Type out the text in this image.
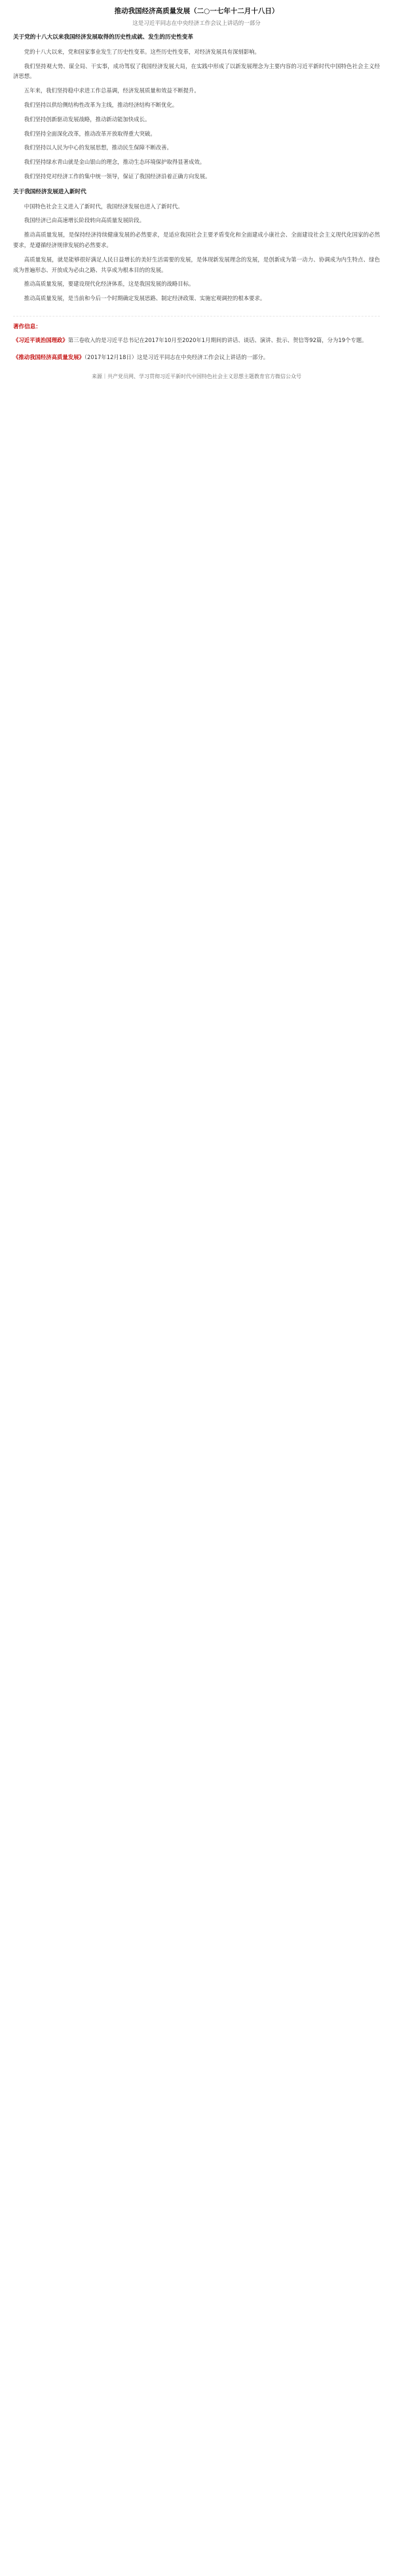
推动我国经济高质量发展（二○一七年十二月十八日）
这是习近平同志在中央经济工作会议上讲话的一部分
关于党的十八大以来我国经济发展取得的历史性成就、发生的历史性变革

党的十八大以来，党和国家事业发生了历史性变革。这些历史性变革，对经济发展具有深刻影响。

我们坚持观大势、谋全局、干实事，成功驾驭了我国经济发展大局，在实践中形成了以新发展理念为主要内容的习近平新时代中国特色社会主义经济思想。

五年来，我们坚持稳中求进工作总基调，经济发展质量和效益不断提升。

我们坚持以供给侧结构性改革为主线，推动经济结构不断优化。

我们坚持创新驱动发展战略，推动新动能加快成长。

我们坚持全面深化改革，推动改革开放取得重大突破。

我们坚持以人民为中心的发展思想，推动民生保障不断改善。

我们坚持绿水青山就是金山银山的理念，推动生态环境保护取得显著成效。

我们坚持党对经济工作的集中统一领导，保证了我国经济沿着正确方向发展。

关于我国经济发展进入新时代

中国特色社会主义进入了新时代，我国经济发展也进入了新时代。

我国经济已由高速增长阶段转向高质量发展阶段。

推动高质量发展，是保持经济持续健康发展的必然要求，是适应我国社会主要矛盾变化和全面建成小康社会、全面建设社会主义现代化国家的必然要求，是遵循经济规律发展的必然要求。

高质量发展，就是能够很好满足人民日益增长的美好生活需要的发展，是体现新发展理念的发展，是创新成为第一动力、协调成为内生特点、绿色成为普遍形态、开放成为必由之路、共享成为根本目的的发展。

推动高质量发展，要建设现代化经济体系，这是我国发展的战略目标。

推动高质量发展，是当前和今后一个时期确定发展思路、制定经济政策、实施宏观调控的根本要求。

著作信息：
《习近平谈治国理政》第三卷收入的是习近平总书记在2017年10月至2020年1月期间的讲话、谈话、演讲、批示、贺信等92篇，分为19个专题。
《推动我国经济高质量发展》（2017年12月18日）这是习近平同志在中央经济工作会议上讲话的一部分。
来源｜共产党员网、学习贯彻习近平新时代中国特色社会主义思想主题教育官方微信公众号
